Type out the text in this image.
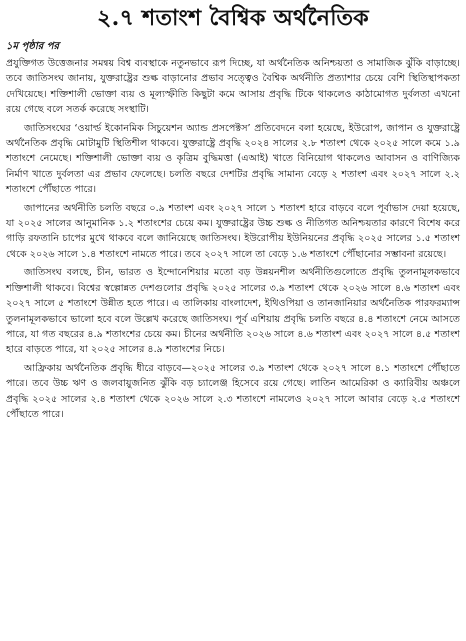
২.৭ শতাংশ বৈশ্বিক অর্থনৈতিক
১ম পৃষ্ঠার পর

প্রযুক্তিগত উত্তেজনার সমন্বয় বিশ্ব ব্যবস্থাকে নতুনভাবে রূপ দিচ্ছে, যা অর্থনৈতিক অনিশ্চয়তা ও সামাজিক ঝুঁকি বাড়াচ্ছে। তবে জাতিসংঘ জানায়, যুক্তরাষ্ট্রের শুল্ক বাড়ানোর প্রভাব সত্ত্বেও বৈশ্বিক অর্থনীতি প্রত্যাশার চেয়ে বেশি স্থিতিস্থাপকতা দেখিয়েছে। শক্তিশালী ভোক্তা ব্যয় ও মূল্যস্ফীতি কিছুটা কমে আসায় প্রবৃদ্ধি টিকে থাকলেও কাঠামোগত দুর্বলতা এখনো রয়ে গেছে বলে সতর্ক করেছে সংস্থাটি।

জাতিসংঘের ‘ওয়ার্ল্ড ইকোনমিক সিচুয়েশন অ্যান্ড প্রসপেক্টস’ প্রতিবেদনে বলা হয়েছে, ইউরোপ, জাপান ও যুক্তরাষ্ট্রে অর্থনৈতিক প্রবৃদ্ধি মোটামুটি স্থিতিশীল থাকবে। যুক্তরাষ্ট্রে প্রবৃদ্ধি ২০২৪ সালের ২.৮ শতাংশ থেকে ২০২৫ সালে কমে ১.৯ শতাংশে নেমেছে। শক্তিশালী ভোক্তা ব্যয় ও কৃত্রিম বুদ্ধিমত্তা (এআই) খাতে বিনিয়োগ থাকলেও আবাসন ও বাণিজ্যিক নির্মাণ খাতে দুর্বলতা এর প্রভাব ফেলেছে। চলতি বছরে দেশটির প্রবৃদ্ধি সামান্য বেড়ে ২ শতাংশ এবং ২০২৭ সালে ২.২ শতাংশে পৌঁছাতে পারে।

জাপানের অর্থনীতি চলতি বছরে ০.৯ শতাংশ এবং ২০২৭ সালে ১ শতাংশ হারে বাড়বে বলে পূর্বাভাস দেয়া হয়েছে, যা ২০২৫ সালের আনুমানিক ১.২ শতাংশের চেয়ে কম। যুক্তরাষ্ট্রের উচ্চ শুল্ক ও নীতিগত অনিশ্চয়তার কারণে বিশেষ করে গাড়ি রফতানি চাপের মুখে থাকবে বলে জানিয়েছে জাতিসংঘ। ইউরোপীয় ইউনিয়নের প্রবৃদ্ধি ২০২৫ সালের ১.৫ শতাংশ থেকে ২০২৬ সালে ১.৪ শতাংশে নামতে পারে। তবে ২০২৭ সালে তা বেড়ে ১.৬ শতাংশে পৌঁছানোর সম্ভাবনা রয়েছে।

জাতিসংঘ বলছে, চীন, ভারত ও ইন্দোনেশিয়ার মতো বড় উন্নয়নশীল অর্থনীতিগুলোতে প্রবৃদ্ধি তুলনামূলকভাবে শক্তিশালী থাকবে। বিশ্বের স্বল্পোন্নত দেশগুলোর প্রবৃদ্ধি ২০২৫ সালের ৩.৯ শতাংশ থেকে ২০২৬ সালে ৪.৬ শতাংশ এবং ২০২৭ সালে ৫ শতাংশে উন্নীত হতে পারে। এ তালিকায় বাংলাদেশ, ইথিওপিয়া ও তানজানিয়ার অর্থনৈতিক পারফরম্যান্স তুলনামূলকভাবে ভালো হবে বলে উল্লেখ করেছে জাতিসংঘ। পূর্ব এশিয়ায় প্রবৃদ্ধি চলতি বছরে ৪.৪ শতাংশে নেমে আসতে পারে, যা গত বছরের ৪.৯ শতাংশের চেয়ে কম। চীনের অর্থনীতি ২০২৬ সালে ৪.৬ শতাংশ এবং ২০২৭ সালে ৪.৫ শতাংশ হারে বাড়তে পারে, যা ২০২৫ সালের ৪.৯ শতাংশের নিচে।

আফ্রিকায় অর্থনৈতিক প্রবৃদ্ধি ধীরে বাড়বে—২০২৫ সালের ৩.৯ শতাংশ থেকে ২০২৭ সালে ৪.১ শতাংশে পৌঁছাতে পারে। তবে উচ্চ ঋণ ও জলবায়ুজনিত ঝুঁকি বড় চ্যালেঞ্জ হিসেবে রয়ে গেছে। লাতিন আমেরিকা ও ক্যারিবীয় অঞ্চলে প্রবৃদ্ধি ২০২৫ সালের ২.৪ শতাংশ থেকে ২০২৬ সালে ২.৩ শতাংশে নামলেও ২০২৭ সালে আবার বেড়ে ২.৫ শতাংশে পৌঁছাতে পারে।
